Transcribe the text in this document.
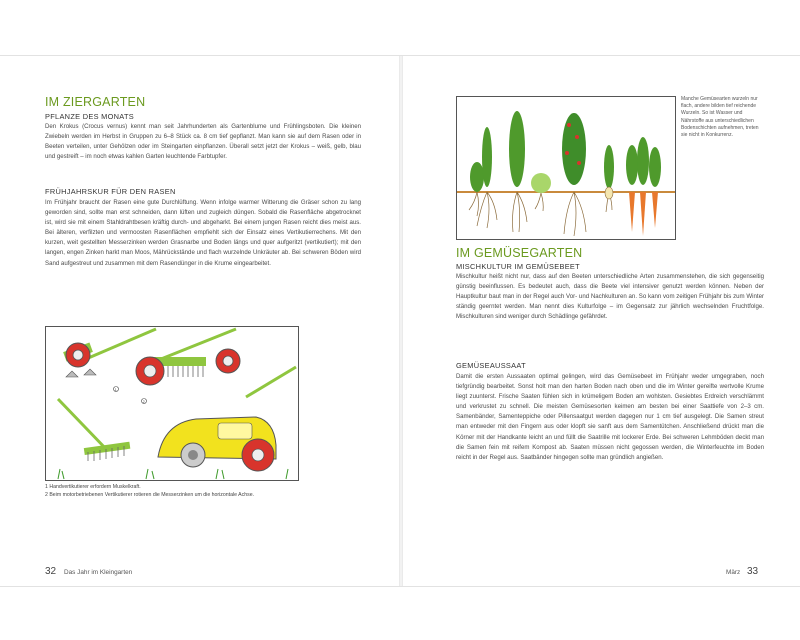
IM ZIERGARTEN
PFLANZE DES MONATS

Den Krokus (Crocus vernus) kennt man seit Jahrhunderten als Gartenblume und Frühlingsboten. Die kleinen Zwiebeln werden im Herbst in Gruppen zu 6–8 Stück ca. 8 cm tief gepflanzt. Man kann sie auf dem Rasen oder in Beeten verteilen, unter Gehölzen oder im Steingarten einpflanzen. Überall setzt jetzt der Krokus – weiß, gelb, blau und gestreift – im noch etwas kahlen Garten leuchtende Farbtupfer.

FRÜHJAHRSKUR FÜR DEN RASEN

Im Frühjahr braucht der Rasen eine gute Durchlüftung. Wenn infolge warmer Witterung die Gräser schon zu lang geworden sind, sollte man erst schneiden, dann lüften und zugleich düngen. Sobald die Rasenfläche abgetrocknet ist, wird sie mit einem Stahldrahtbesen kräftig durch- und abgeharkt. Bei einem jungen Rasen reicht dies meist aus. Bei älteren, verfilzten und vermoosten Rasenflächen empfiehlt sich der Einsatz eines Vertikutierrechens. Mit den kurzen, weit gestellten Messerzinken werden Grasnarbe und Boden längs und quer aufgeritzt (vertikutiert); mit den langen, engen Zinken harkt man Moos, Mährückstände und flach wurzelnde Unkräuter ab. Bei schweren Böden wird Sand aufgestreut und zusammen mit dem Rasendünger in die Krume eingearbeitet.

1
2

1 Handvertikutierer erfordern Muskelkraft.

2 Beim motorbetriebenen Vertikutierer rotieren die Messerzinken um die horizontale Achse.

32 Das Jahr im Kleingarten

Manche Gemüsearten wurzeln nur flach, andere bilden tief reichende Wurzeln. So ist Wasser und Nährstoffe aus unterschiedlichen Bodenschichten aufnehmen, treten sie nicht in Konkurrenz.

IM GEMÜSEGARTEN
MISCHKULTUR IM GEMÜSEBEET

Mischkultur heißt nicht nur, dass auf den Beeten unterschiedliche Arten zusammenstehen, die sich gegenseitig günstig beeinflussen. Es bedeutet auch, dass die Beete viel intensiver genutzt werden können. Neben der Hauptkultur baut man in der Regel auch Vor- und Nachkulturen an. So kann vom zeitigen Frühjahr bis zum Winter ständig geerntet werden. Man nennt dies Kulturfolge – im Gegensatz zur jährlich wechselnden Fruchtfolge. Mischkulturen sind weniger durch Schädlinge gefährdet.

GEMÜSEAUSSAAT

Damit die ersten Aussaaten optimal gelingen, wird das Gemüsebeet im Frühjahr weder umgegraben, noch tiefgründig bearbeitet. Sonst holt man den harten Boden nach oben und die im Winter gereifte wertvolle Krume liegt zuunterst. Frische Saaten fühlen sich in krümeligem Boden am wohlsten. Gesiebtes Erdreich verschlämmt und verkrustet zu schnell. Die meisten Gemüsesorten keimen am besten bei einer Saattiefe von 2–3 cm. Samenbänder, Samenteppiche oder Pillensaatgut werden dagegen nur 1 cm tief ausgelegt. Die Samen streut man entweder mit den Fingern aus oder klopft sie sanft aus dem Samentütchen. Anschließend drückt man die Körner mit der Handkante leicht an und füllt die Saatrille mit lockerer Erde. Bei schweren Lehmböden deckt man die Samen fein mit reifem Kompost ab. Saaten müssen nicht gegossen werden, die Winterfeuchte im Boden reicht in der Regel aus. Saatbänder hingegen sollte man gründlich angießen.

März 33
